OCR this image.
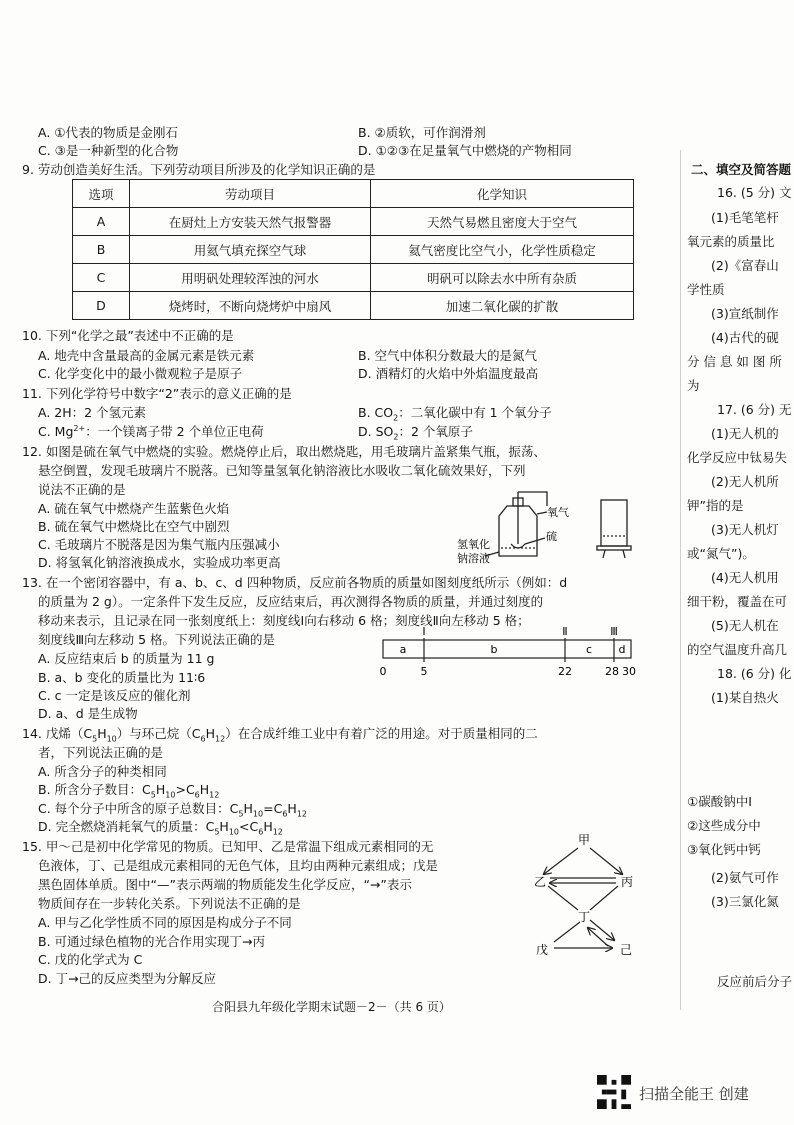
A. ①代表的物质是金刚石	B. ②质软，可作润滑剂
C. ③是一种新型的化合物	D. ①②③在足量氧气中燃烧的产物相同
9. 劳动创造美好生活。下列劳动项目所涉及的化学知识正确的是
选项	劳动项目	化学知识
A	在厨灶上方安装天然气报警器	天然气易燃且密度大于空气
B	用氦气填充探空气球	氦气密度比空气小，化学性质稳定
C	用明矾处理较浑浊的河水	明矾可以除去水中所有杂质
D	烧烤时，不断向烧烤炉中扇风	加速二氧化碳的扩散
10. 下列“化学之最”表述中不正确的是
A. 地壳中含量最高的金属元素是铁元素	B. 空气中体积分数最大的是氮气
C. 化学变化中的最小微观粒子是原子	D. 酒精灯的火焰中外焰温度最高
11. 下列化学符号中数字“2”表示的意义正确的是
A. 2H：2 个氢元素	B. $CO_2$：二氧化碳中有 1 个氧分子
C. $Mg^{2+}$：一个镁离子带 2 个单位正电荷	D. $SO_2$：2 个氧原子
12. 如图是硫在氧气中燃烧的实验。燃烧停止后，取出燃烧匙，用毛玻璃片盖紧集气瓶，振荡、
悬空倒置，发现毛玻璃片不脱落。已知等量氢氧化钠溶液比水吸收二氧化硫效果好，下列
说法不正确的是
A. 硫在氧气中燃烧产生蓝紫色火焰
B. 硫在氧气中燃烧比在空气中剧烈
C. 毛玻璃片不脱落是因为集气瓶内压强减小
D. 将氢氧化钠溶液换成水，实验成功率更高
氧气
硫
氢氧化
钠溶液
13. 在一个密闭容器中，有 a、b、c、d 四种物质，反应前各物质的质量如图刻度纸所示（例如：d
的质量为 2 g）。一定条件下发生反应，反应结束后，再次测得各物质的质量，并通过刻度的
移动来表示，且记录在同一张刻度纸上：刻度线Ⅰ向右移动 6 格；刻度线Ⅱ向左移动 5 格；
刻度线Ⅲ向左移动 5 格。下列说法正确的是
A. 反应结束后 b 的质量为 11 g
B. a、b 变化的质量比为 11∶6
C. c 一定是该反应的催化剂
D. a、d 是生成物
Ⅰ	Ⅱ	Ⅲ
a	b	c d
0	5	22	28 30
14. 戊烯$(C_5H_{10})$与环己烷$(C_6H_{12})$在合成纤维工业中有着广泛的用途。对于质量相同的二
者，下列说法正确的是
A. 所含分子的种类相同
B. 所含分子数目：$C_5H_{10}>C_6H_{12}$
C. 每个分子中所含的原子总数目：$C_5H_{10}=C_6H_{12}$
D. 完全燃烧消耗氧气的质量：$C_5H_{10}<C_6H_{12}$
15. 甲～己是初中化学常见的物质。已知甲、乙是常温下组成元素相同的无
色液体，丁、己是组成元素相同的无色气体，且均由两种元素组成；戊是
黑色固体单质。图中“—”表示两端的物质能发生化学反应，“→”表示
物质间存在一步转化关系。下列说法不正确的是
A. 甲与乙化学性质不同的原因是构成分子不同
B. 可通过绿色植物的光合作用实现丁→丙
C. 戊的化学式为 C
D. 丁→己的反应类型为分解反应
甲
乙	丙
丁
戊	己
合阳县九年级化学期末试题－2－（共 6 页）
二、填空及简答题
16. (5 分) 文
(1)毛笔笔杆
氧元素的质量比
(2)《富春山
学性质
(3)宣纸制作
(4)古代的砚
分 信 息 如 图 所
为
17. (6 分) 无
(1)无人机的
化学反应中钛易失
(2)无人机所
钾”指的是
(3)无人机灯
或“氮气”)。
(4)无人机用
细干粉，覆盖在可
(5)无人机在
的空气温度升高几
18. (6 分) 化
(1)某自热火
①碳酸钠中Ⅰ
②这些成分中
③氧化钙中钙
(2)氨气可作
(3)三氯化氮
反应前后分子
扫描全能王 创建
